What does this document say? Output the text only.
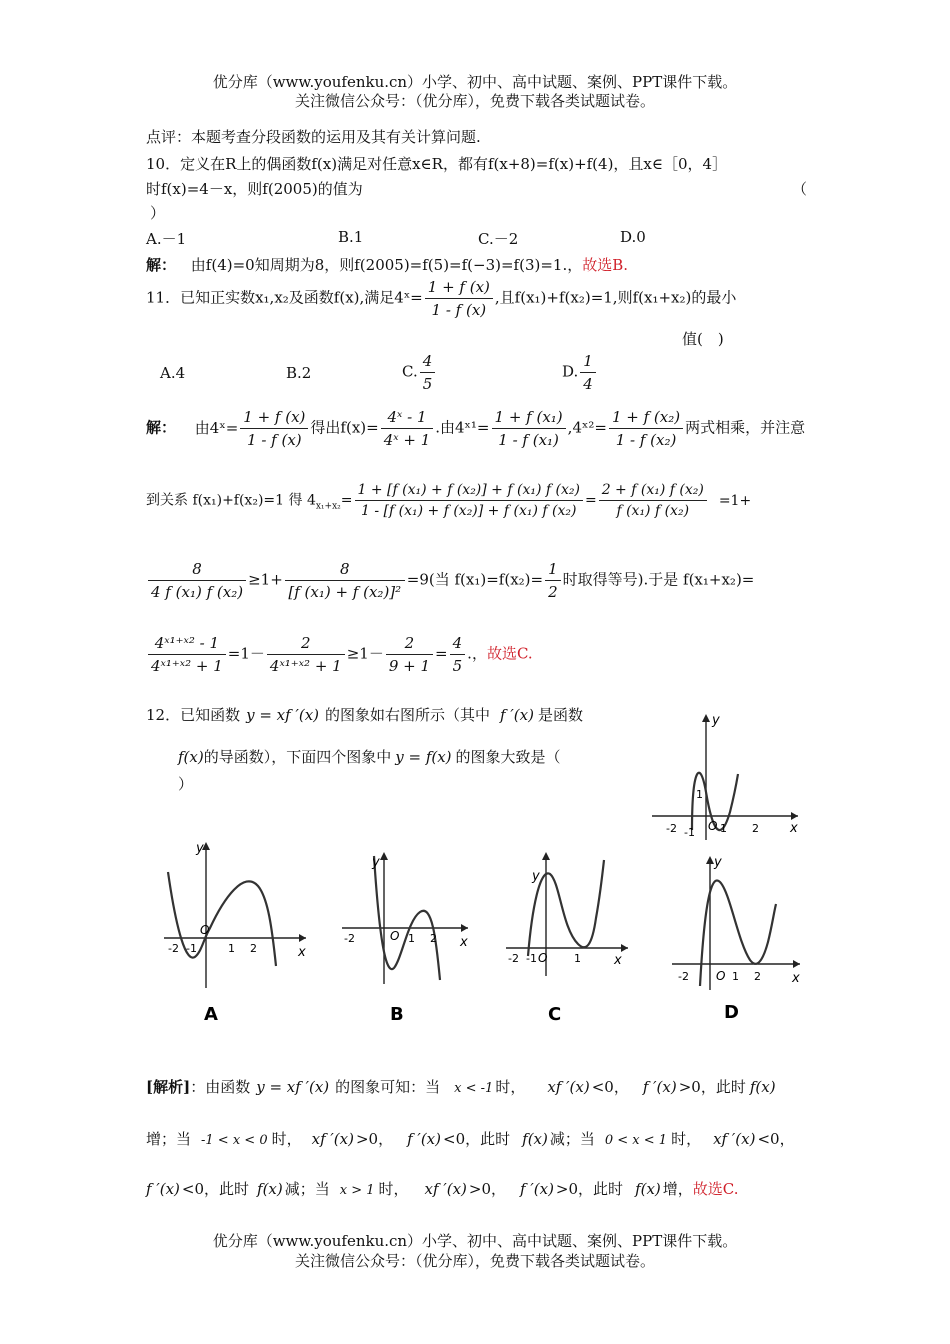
优分库（www.youfenku.cn）小学、初中、高中试题、案例、PPT课件下载。
关注微信公众号：（优分库），免费下载各类试题试卷。
点评：本题考查分段函数的运用及其有关计算问题.
10．定义在R上的偶函数f(x)满足对任意x∈R，都有f(x+8)=f(x)+f(4)，且x∈［0，4］
时f(x)=4－x，则f(2005)的值为	（
）
A.－1	B.1	C.－2	D.0
解： 由f(4)=0知周期为8，则f(2005)=f(5)=f(−3)=f(3)=1.，故选B.
11．已知正实数x₁,x₂及函数f(x),满足4ˣ= $\frac{1 + f (x)}{1 - f (x)}$ ,且f(x₁)+f(x₂)=1,则f(x₁+x₂)的最小
值(　)
A.4	B.2	C. $\frac{4}{5}$	D. $\frac{1}{4}$
解： 由4ˣ= $\frac{1 + f (x)}{1 - f (x)}$ 得出$f(x)= \frac{\text{4ˣ - 1}}{\text{4ˣ + 1}}$ .由4ˣ¹= $\frac{\text{1 + f (x₁)}}{\text{1 - f (x₁)}}$ ,4ˣ²= $\frac{\text{1 + f (x₂)}}{\text{1 - f (x₂)}}$ 两式相乘，并注意
到关系 f(x₁)+f(x₂)=1 得 $4_{x_1+x_2}= \frac{\text{1 + [f (x₁) + f (x₂)] + f (x₁) f (x₂)}}{\text{1 - [f (x₁) + f (x₂)] + f (x₁) f (x₂)}} = \frac{\text{2 + f (x₁) f (x₂)}}{\text{f (x₁) f (x₂)}} =1+$
$\frac{8}{\text{4 f (x₁) f (x₂)}} \ge 1+ \frac{8}{\text{[f (x₁) + f (x₂)]²}} =9$(当 $f(x_1)=f(x_2)= \frac{1}{2}$ 时取得等号).于是 f(x₁+x₂)=
$\frac{\text{4ˣ¹⁺ˣ² - 1}}{\text{4ˣ¹⁺ˣ² + 1}} =1- \frac{2}{\text{4ˣ¹⁺ˣ² + 1}} \ge 1- \frac{2}{9 + 1} = \frac{4}{5}$ .，故选C.
12．已知函数 y = xf ′(x) 的图象如右图所示（其中 f ′(x) 是函数
f(x)的导函数），下面四个图象中 y = f(x) 的图象大致是（
）
x
y
O
-2 -1 1 2
1
x
y
O
-2	1 2
D
x
y
O
-2 -1	1 2
A
x
y
O
-2	1 2
B
x
y
O
-2 -1	1
C
[解析]：由函数 y = xf ′(x) 的图象可知：当 x < -1 时， xf ′(x) <0， f ′(x) >0，此时 f(x)
增；当 -1 < x < 0 时， xf ′(x) >0， f ′(x) <0，此时 f(x) 减；当 0 < x < 1 时， xf ′(x) <0，
f ′(x) <0，此时 f(x) 减；当 x > 1 时， xf ′(x) >0， f ′(x) >0，此时 f(x) 增，故选C.
优分库（www.youfenku.cn）小学、初中、高中试题、案例、PPT课件下载。
关注微信公众号：（优分库），免费下载各类试题试卷。
